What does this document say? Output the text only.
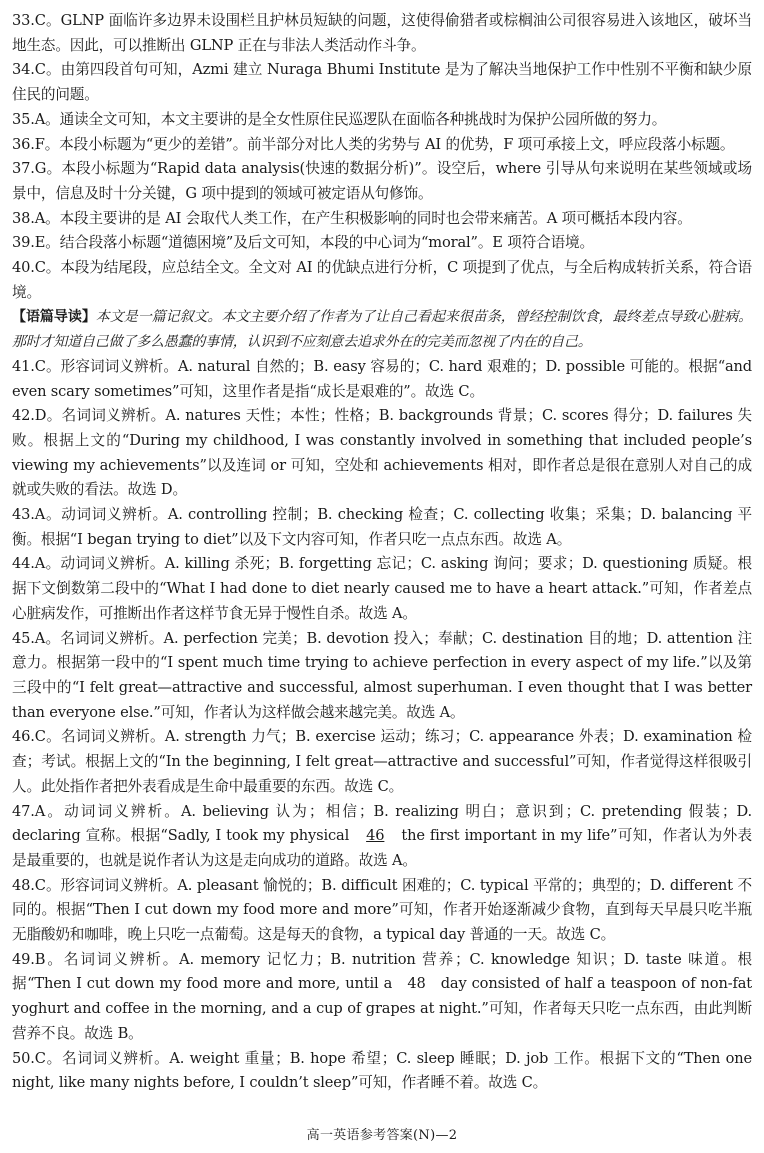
33.C。GLNP 面临许多边界未设围栏且护林员短缺的问题，这使得偷猎者或棕榈油公司很容易进入该地区，破坏当地生态。因此，可以推断出 GLNP 正在与非法人类活动作斗争。

34.C。由第四段首句可知，Azmi 建立 Nuraga Bhumi Institute 是为了解决当地保护工作中性别不平衡和缺少原住民的问题。

35.A。通读全文可知，本文主要讲的是全女性原住民巡逻队在面临各种挑战时为保护公园所做的努力。

36.F。本段小标题为“更少的差错”。前半部分对比人类的劣势与 AI 的优势，F 项可承接上文，呼应段落小标题。

37.G。本段小标题为“Rapid data analysis(快速的数据分析)”。设空后，where 引导从句来说明在某些领域或场景中，信息及时十分关键，G 项中提到的领域可被定语从句修饰。

38.A。本段主要讲的是 AI 会取代人类工作，在产生积极影响的同时也会带来痛苦。A 项可概括本段内容。

39.E。结合段落小标题“道德困境”及后文可知，本段的中心词为“moral”。E 项符合语境。

40.C。本段为结尾段，应总结全文。全文对 AI 的优缺点进行分析，C 项提到了优点，与全后构成转折关系，符合语境。

【语篇导读】本文是一篇记叙文。本文主要介绍了作者为了让自己看起来很苗条，曾经控制饮食，最终差点导致心脏病。那时才知道自己做了多么愚蠢的事情，认识到不应刻意去追求外在的完美而忽视了内在的自己。

41.C。形容词词义辨析。A. natural 自然的；B. easy 容易的；C. hard 艰难的；D. possible 可能的。根据“and even scary sometimes”可知，这里作者是指“成长是艰难的”。故选 C。

42.D。名词词义辨析。A. natures 天性；本性；性格；B. backgrounds 背景；C. scores 得分；D. failures 失败。根据上文的“During my childhood, I was constantly involved in something that included people’s viewing my achievements”以及连词 or 可知，空处和 achievements 相对，即作者总是很在意别人对自己的成就或失败的看法。故选 D。

43.A。动词词义辨析。A. controlling 控制；B. checking 检查；C. collecting 收集；采集；D. balancing 平衡。根据“I began trying to diet”以及下文内容可知，作者只吃一点点东西。故选 A。

44.A。动词词义辨析。A. killing 杀死；B. forgetting 忘记；C. asking 询问；要求；D. questioning 质疑。根据下文倒数第二段中的“What I had done to diet nearly caused me to have a heart attack.”可知，作者差点心脏病发作，可推断出作者这样节食无异于慢性自杀。故选 A。

45.A。名词词义辨析。A. perfection 完美；B. devotion 投入；奉献；C. destination 目的地；D. attention 注意力。根据第一段中的“I spent much time trying to achieve perfection in every aspect of my life.”以及第三段中的“I felt great—attractive and successful, almost superhuman. I even thought that I was better than everyone else.”可知，作者认为这样做会越来越完美。故选 A。

46.C。名词词义辨析。A. strength 力气；B. exercise 运动；练习；C. appearance 外表；D. examination 检查；考试。根据上文的“In the beginning, I felt great—attractive and successful”可知，作者觉得这样很吸引人。此处指作者把外表看成是生命中最重要的东西。故选 C。

47.A。动词词义辨析。A. believing 认为；相信；B. realizing 明白；意识到；C. pretending 假装；D. declaring 宣称。根据“Sadly, I took my physical 46 the first important in my life”可知，作者认为外表是最重要的，也就是说作者认为这是走向成功的道路。故选 A。

48.C。形容词词义辨析。A. pleasant 愉悦的；B. difficult 困难的；C. typical 平常的；典型的；D. different 不同的。根据“Then I cut down my food more and more”可知，作者开始逐渐减少食物，直到每天早晨只吃半瓶无脂酸奶和咖啡，晚上只吃一点葡萄。这是每天的食物，a typical day 普通的一天。故选 C。

49.B。名词词义辨析。A. memory 记忆力；B. nutrition 营养；C. knowledge 知识；D. taste 味道。根据“Then I cut down my food more and more, until a 48 day consisted of half a teaspoon of non-fat yoghurt and coffee in the morning, and a cup of grapes at night.”可知，作者每天只吃一点东西，由此判断营养不良。故选 B。

50.C。名词词义辨析。A. weight 重量；B. hope 希望；C. sleep 睡眠；D. job 工作。根据下文的“Then one night, like many nights before, I couldn’t sleep”可知，作者睡不着。故选 C。

高一英语参考答案(N)—2
